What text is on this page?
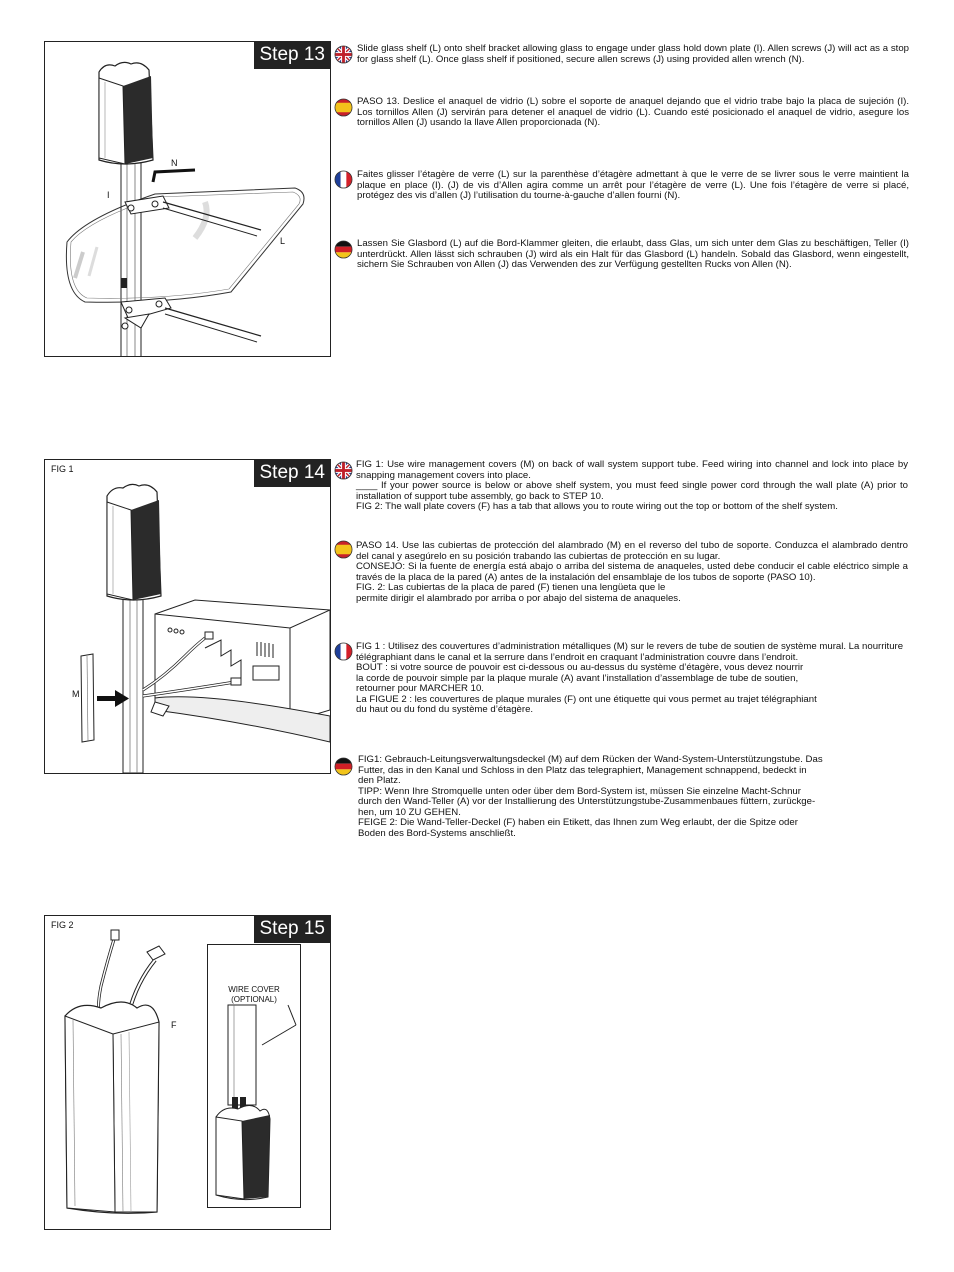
Step 13
N
I
L
Slide glass shelf (L) onto shelf bracket allowing glass to engage under glass hold down plate (I). Allen screws (J) will act as a stop for glass shelf (L). Once glass shelf if positioned, secure allen screws (J) using provided allen wrench (N).
PASO 13. Deslice el anaquel de vidrio (L) sobre el soporte de anaquel dejando que el vidrio trabe bajo la placa de sujeción (I). Los tornillos Allen (J) servirán para detener el anaquel de vidrio (L). Cuando esté posicionado el anaquel de vidrio, asegure los tornillos Allen (J) usando la llave Allen proporcionada (N).
Faites glisser l’étagère de verre (L) sur la parenthèse d’étagère admettant à que le verre de se livrer sous le verre maintient la plaque en place (I). (J) de vis d’Allen agira comme un arrêt pour l’étagère de verre (L). Une fois l’étagère de verre si placé, protégez des vis d’allen (J) l’utilisation du tourne-à-gauche d’allen fourni (N).
Lassen Sie Glasbord (L) auf die Bord-Klammer gleiten, die erlaubt, dass Glas, um sich unter dem Glas zu beschäftigen, Teller (I) unterdrückt. Allen lässt sich schrauben (J) wird als ein Halt für das Glasbord (L) handeln. Sobald das Glasbord, wenn eingestellt, sichern Sie Schrauben von Allen (J) das Verwenden des zur Verfügung gestellten Rucks von Allen (N).
FIG 1	Step 14
M
FIG 1: Use wire management covers (M) on back of wall system support tube. Feed wiring into channel and lock into place by snapping management covers into place.
____ If your power source is below or above shelf system, you must feed single power cord through the wall plate (A) prior to installation of support tube assembly, go back to STEP 10.
FIG 2: The wall plate covers (F) has a tab that allows you to route wiring out the top or bottom of the shelf system.
PASO 14. Use las cubiertas de protección del alambrado (M) en el reverso del tubo de soporte. Conduzca el alambrado dentro del canal y asegúrelo en su posición trabando las cubiertas de protección en su lugar.
CONSEJO: Si la fuente de energía está abajo o arriba del sistema de anaqueles, usted debe conducir el cable eléctrico simple a través de la placa de la pared (A) antes de la instalación del ensamblaje de los tubos de soporte (PASO 10).
FIG. 2: Las cubiertas de la placa de pared (F) tienen una lengüeta que le
permite dirigir el alambrado por arriba o por abajo del sistema de anaqueles.
FIG 1 : Utilisez des couvertures d’administration métalliques (M) sur le revers de tube de soutien de système mural. La nourriture télégraphiant dans le canal et la serrure dans l’endroit en craquant l’administration couvre dans l’endroit.
BOUT : si votre source de pouvoir est ci-dessous ou au-dessus du système d’étagère, vous devez nourrir
la corde de pouvoir simple par la plaque murale (A) avant l’installation d’assemblage de tube de soutien,
retourner pour MARCHER 10.
La FIGUE 2 : les couvertures de plaque murales (F) ont une étiquette qui vous permet au trajet télégraphiant
du haut ou du fond du système d’étagère.
FIG1: Gebrauch-Leitungsverwaltungsdeckel (M) auf dem Rücken der Wand-System-Unterstützungstube. Das
Futter, das in den Kanal und Schloss in den Platz das telegraphiert, Management schnappend, bedeckt in
den Platz.
TIPP: Wenn Ihre Stromquelle unten oder über dem Bord-System ist, müssen Sie einzelne Macht-Schnur
durch den Wand-Teller (A) vor der Installierung des Unterstützungstube-Zusammenbaues füttern, zurückge-
hen, um 10 ZU GEHEN.
FEIGE 2: Die Wand-Teller-Deckel (F) haben ein Etikett, das Ihnen zum Weg erlaubt, der die Spitze oder
Boden des Bord-Systems anschließt.
FIG 2	Step 15
F
WIRE COVER
(OPTIONAL)
